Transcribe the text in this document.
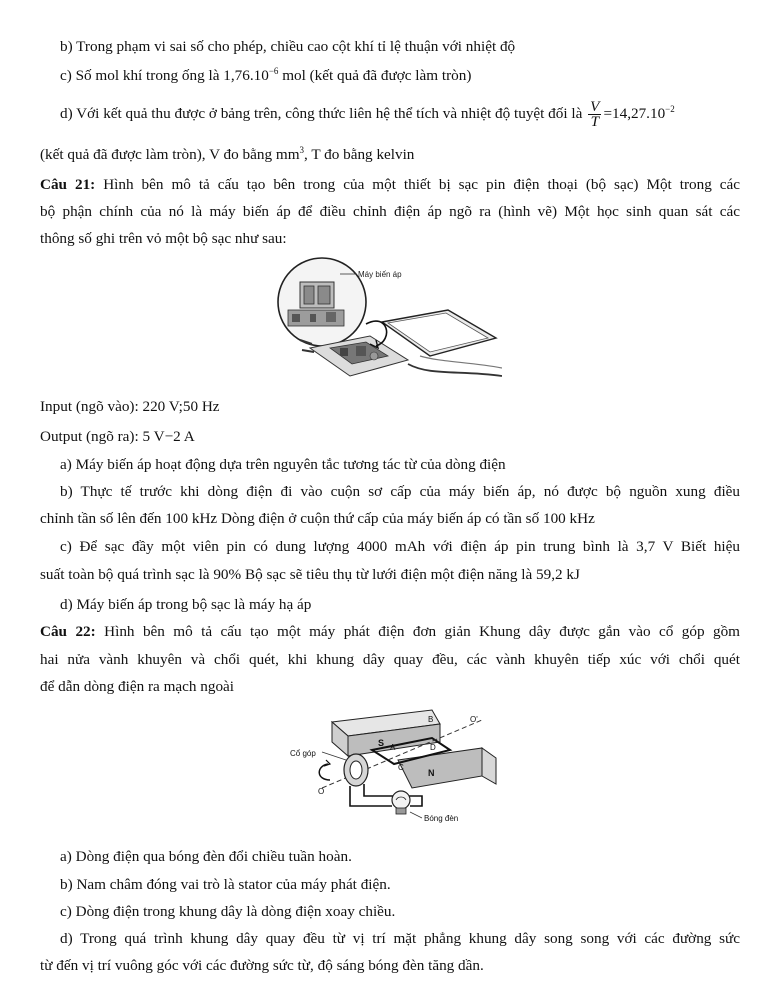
b) Trong phạm vi sai số cho phép, chiều cao cột khí tỉ lệ thuận với nhiệt độ
c) Số mol khí trong ống là $1,76.10^{-6}$ mol (kết quả đã được làm tròn)
d) Với kết quả thu được ở bảng trên, công thức liên hệ thể tích và nhiệt độ tuyệt đối là $\frac{V}{T} =14,27.10^{-2}$
(kết quả đã được làm tròn), V đo bằng $mm^3$, T đo bằng kelvin
Câu 21: Hình bên mô tả cấu tạo bên trong của một thiết bị sạc pin điện thoại (bộ sạc) Một trong các
bộ phận chính của nó là máy biến áp để điều chỉnh điện áp ngõ ra (hình vẽ) Một học sinh quan sát các
thông số ghi trên vỏ một bộ sạc như sau:
Máy biến áp
Input (ngõ vào): 220 V;50 Hz
Output (ngõ ra): 5 V−2 A
a) Máy biến áp hoạt động dựa trên nguyên tắc tương tác từ của dòng điện
b) Thực tế trước khi dòng điện đi vào cuộn sơ cấp của máy biến áp, nó được bộ nguồn xung điều
chỉnh tần số lên đến 100 kHz Dòng điện ở cuộn thứ cấp của máy biến áp có tần số 100 kHz
c) Để sạc đầy một viên pin có dung lượng 4000 mAh với điện áp pin trung bình là 3,7 V Biết hiệu
suất toàn bộ quá trình sạc là 90% Bộ sạc sẽ tiêu thụ từ lưới điện một điện năng là 59,2 kJ
d) Máy biến áp trong bộ sạc là máy hạ áp
Câu 22: Hình bên mô tả cấu tạo một máy phát điện đơn giản Khung dây được gắn vào cổ góp gồm
hai nửa vành khuyên và chổi quét, khi khung dây quay đều, các vành khuyên tiếp xúc với chổi quét
để dẫn dòng điện ra mạch ngoài
S
N
A
B
C
D
O
O'
Cổ góp
Bóng đèn
a) Dòng điện qua bóng đèn đổi chiều tuần hoàn.
b) Nam châm đóng vai trò là stator của máy phát điện.
c) Dòng điện trong khung dây là dòng điện xoay chiều.
d) Trong quá trình khung dây quay đều từ vị trí mặt phẳng khung dây song song với các đường sức
từ đến vị trí vuông góc với các đường sức từ, độ sáng bóng đèn tăng dần.
